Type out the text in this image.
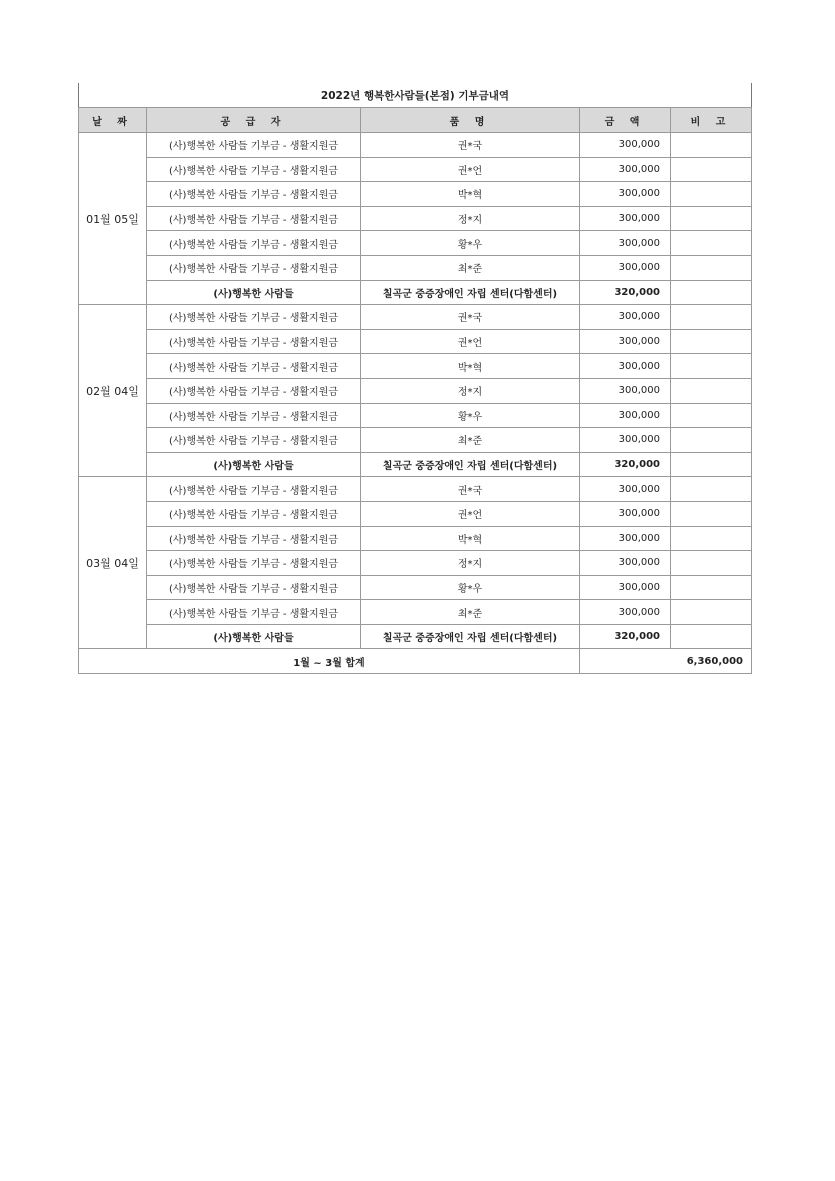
2022년 행복한사람들(본점) 기부금내역				
날 짜	공 급 자	품 명	금 액	비 고
01월 05일	(사)행복한 사람들 기부금 - 생활지원금	권*국	300,000	
	(사)행복한 사람들 기부금 - 생활지원금	권*언	300,000	
	(사)행복한 사람들 기부금 - 생활지원금	박*혁	300,000	
	(사)행복한 사람들 기부금 - 생활지원금	정*지	300,000	
	(사)행복한 사람들 기부금 - 생활지원금	황*우	300,000	
	(사)행복한 사람들 기부금 - 생활지원금	최*준	300,000	
	(사)행복한 사람들	칠곡군 중증장애인 자립 센터(다함센터)	320,000	
02월 04일	(사)행복한 사람들 기부금 - 생활지원금	권*국	300,000	
	(사)행복한 사람들 기부금 - 생활지원금	권*언	300,000	
	(사)행복한 사람들 기부금 - 생활지원금	박*혁	300,000	
	(사)행복한 사람들 기부금 - 생활지원금	정*지	300,000	
	(사)행복한 사람들 기부금 - 생활지원금	황*우	300,000	
	(사)행복한 사람들 기부금 - 생활지원금	최*준	300,000	
	(사)행복한 사람들	칠곡군 중증장애인 자립 센터(다함센터)	320,000	
03월 04일	(사)행복한 사람들 기부금 - 생활지원금	권*국	300,000	
	(사)행복한 사람들 기부금 - 생활지원금	권*언	300,000	
	(사)행복한 사람들 기부금 - 생활지원금	박*혁	300,000	
	(사)행복한 사람들 기부금 - 생활지원금	정*지	300,000	
	(사)행복한 사람들 기부금 - 생활지원금	황*우	300,000	
	(사)행복한 사람들 기부금 - 생활지원금	최*준	300,000	
	(사)행복한 사람들	칠곡군 중증장애인 자립 센터(다함센터)	320,000	
1월 ~ 3월 합계			6,360,000	
